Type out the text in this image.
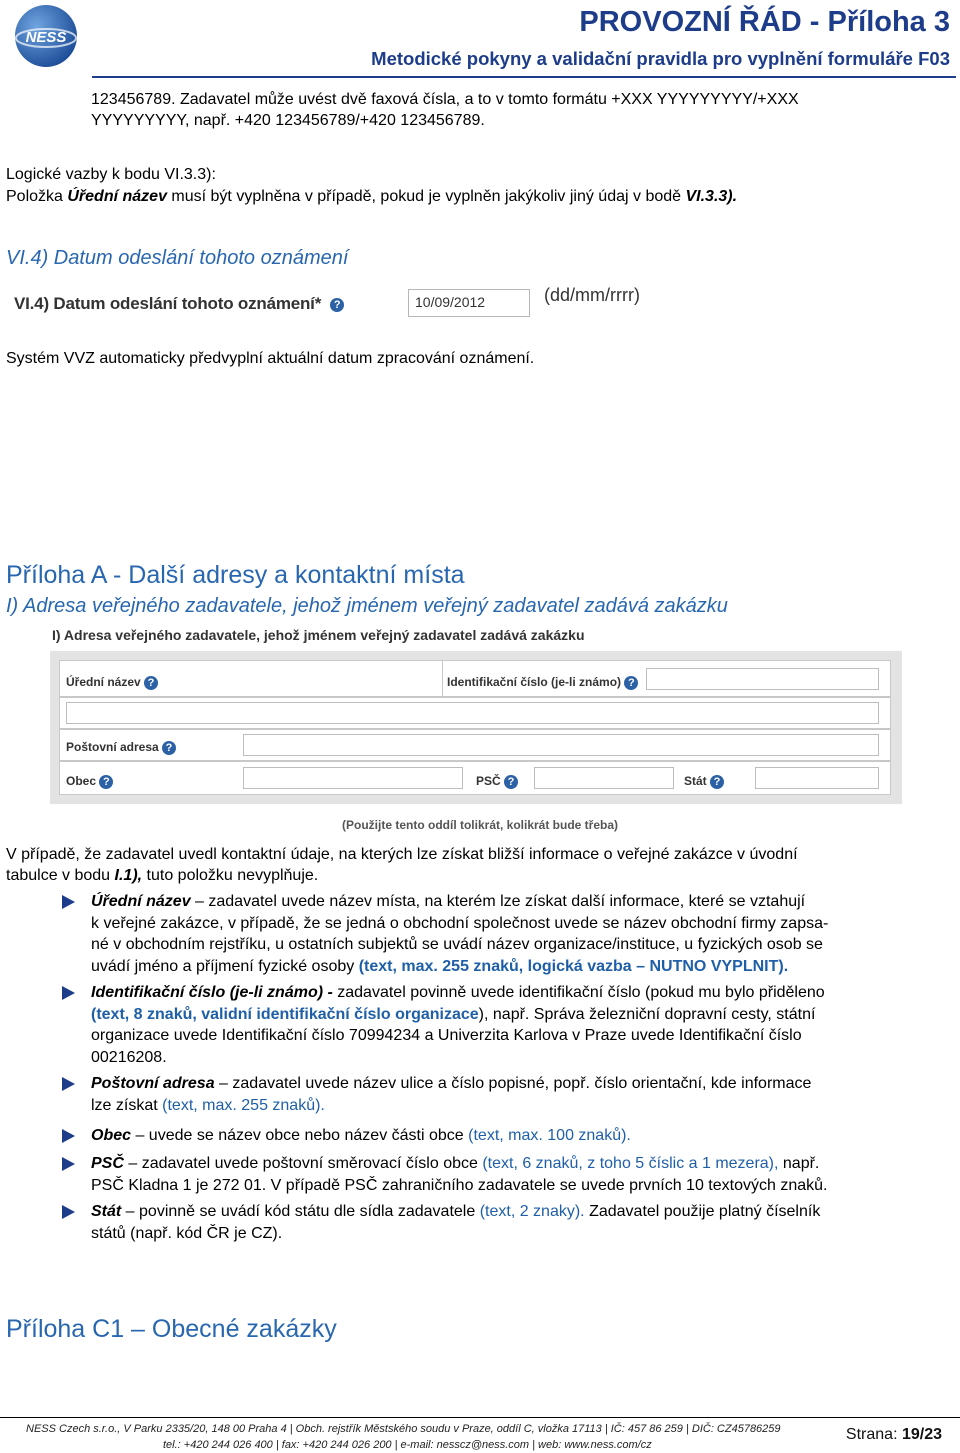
NESS	PROVOZNÍ ŘÁD - Příloha 3
Metodické pokyny a validační pravidla pro vyplnění formuláře F03
123456789. Zadavatel může uvést dvě faxová čísla, a to v tomto formátu +XXX YYYYYYYYY/+XXX
YYYYYYYYY, např. +420 123456789/+420 123456789.
Logické vazby k bodu VI.3.3):
Položka Úřední název musí být vyplněna v případě, pokud je vyplněn jakýkoliv jiný údaj v bodě VI.3.3).
VI.4) Datum odeslání tohoto oznámení
VI.4) Datum odeslání tohoto oznámení* ?	10/09/2012	(dd/mm/rrrr)
Systém VVZ automaticky předvyplní aktuální datum zpracování oznámení.
Příloha A - Další adresy a kontaktní místa
I) Adresa veřejného zadavatele, jehož jménem veřejný zadavatel zadává zakázku
I) Adresa veřejného zadavatele, jehož jménem veřejný zadavatel zadává zakázku
Úřední název ?	Identifikační číslo (je-li známo) ?
Poštovní adresa ?
Obec ?	PSČ ?	Stát ?
(Použijte tento oddíl tolikrát, kolikrát bude třeba)
V případě, že zadavatel uvedl kontaktní údaje, na kterých lze získat bližší informace o veřejné zakázce v úvodní
tabulce v bodu I.1), tuto položku nevyplňuje.
Úřední název – zadavatel uvede název místa, na kterém lze získat další informace, které se vztahují
k veřejné zakázce, v případě, že se jedná o obchodní společnost uvede se název obchodní firmy zapsa-
né v obchodním rejstříku, u ostatních subjektů se uvádí název organizace/instituce, u fyzických osob se
uvádí jméno a příjmení fyzické osoby (text, max. 255 znaků, logická vazba – NUTNO VYPLNIT).
Identifikační číslo (je-li známo) - zadavatel povinně uvede identifikační číslo (pokud mu bylo přiděleno
(text, 8 znaků, validní identifikační číslo organizace), např. Správa železniční dopravní cesty, státní
organizace uvede Identifikační číslo 70994234 a Univerzita Karlova v Praze uvede Identifikační číslo
00216208.
Poštovní adresa – zadavatel uvede název ulice a číslo popisné, popř. číslo orientační, kde informace
lze získat (text, max. 255 znaků).
Obec – uvede se název obce nebo název části obce (text, max. 100 znaků).
PSČ – zadavatel uvede poštovní směrovací číslo obce (text, 6 znaků, z toho 5 číslic a 1 mezera), např.
PSČ Kladna 1 je 272 01. V případě PSČ zahraničního zadavatele se uvede prvních 10 textových znaků.
Stát – povinně se uvádí kód státu dle sídla zadavatele (text, 2 znaky). Zadavatel použije platný číselník
států (např. kód ČR je CZ).
Příloha C1 – Obecné zakázky
NESS Czech s.r.o., V Parku 2335/20, 148 00 Praha 4 | Obch. rejstřík Městského soudu v Praze, oddíl C, vložka 17113 | IČ: 457 86 259 | DIČ: CZ45786259
tel.: +420 244 026 400 | fax: +420 244 026 200 | e-mail: nesscz@ness.com | web: www.ness.com/cz
Strana: 19/23
